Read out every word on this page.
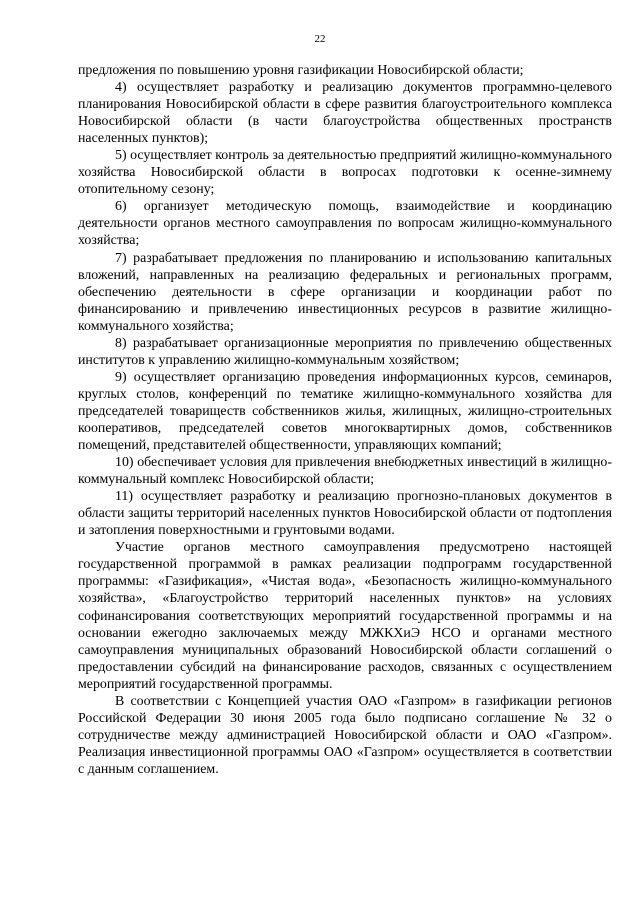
22

предложения по повышению уровня газификации Новосибирской области;

4) осуществляет разработку и реализацию документов программно-целевого планирования Новосибирской области в сфере развития благоустроительного комплекса Новосибирской области (в части благоустройства общественных пространств населенных пунктов);

5) осуществляет контроль за деятельностью предприятий жилищно-коммунального хозяйства Новосибирской области в вопросах подготовки к осенне-зимнему отопительному сезону;

6) организует методическую помощь, взаимодействие и координацию деятельности органов местного самоуправления по вопросам жилищно-коммунального хозяйства;

7) разрабатывает предложения по планированию и использованию капитальных вложений, направленных на реализацию федеральных и региональных программ, обеспечению деятельности в сфере организации и координации работ по финансированию и привлечению инвестиционных ресурсов в развитие жилищно-коммунального хозяйства;

8) разрабатывает организационные мероприятия по привлечению общественных институтов к управлению жилищно-коммунальным хозяйством;

9) осуществляет организацию проведения информационных курсов, семинаров, круглых столов, конференций по тематике жилищно-коммунального хозяйства для председателей товариществ собственников жилья, жилищных, жилищно-строительных кооперативов, председателей советов многоквартирных домов, собственников помещений, представителей общественности, управляющих компаний;

10) обеспечивает условия для привлечения внебюджетных инвестиций в жилищно-коммунальный комплекс Новосибирской области;

11) осуществляет разработку и реализацию прогнозно-плановых документов в области защиты территорий населенных пунктов Новосибирской области от подтопления и затопления поверхностными и грунтовыми водами.

Участие органов местного самоуправления предусмотрено настоящей государственной программой в рамках реализации подпрограмм государственной программы: «Газификация», «Чистая вода», «Безопасность жилищно-коммунального хозяйства», «Благоустройство территорий населенных пунктов» на условиях софинансирования соответствующих мероприятий государственной программы и на основании ежегодно заключаемых между МЖКХиЭ НСО и органами местного самоуправления муниципальных образований Новосибирской области соглашений о предоставлении субсидий на финансирование расходов, связанных с осуществлением мероприятий государственной программы.

В соответствии с Концепцией участия ОАО «Газпром» в газификации регионов Российской Федерации 30 июня 2005 года было подписано соглашение № 32 о сотрудничестве между администрацией Новосибирской области и ОАО «Газпром». Реализация инвестиционной программы ОАО «Газпром» осуществляется в соответствии с данным соглашением.
